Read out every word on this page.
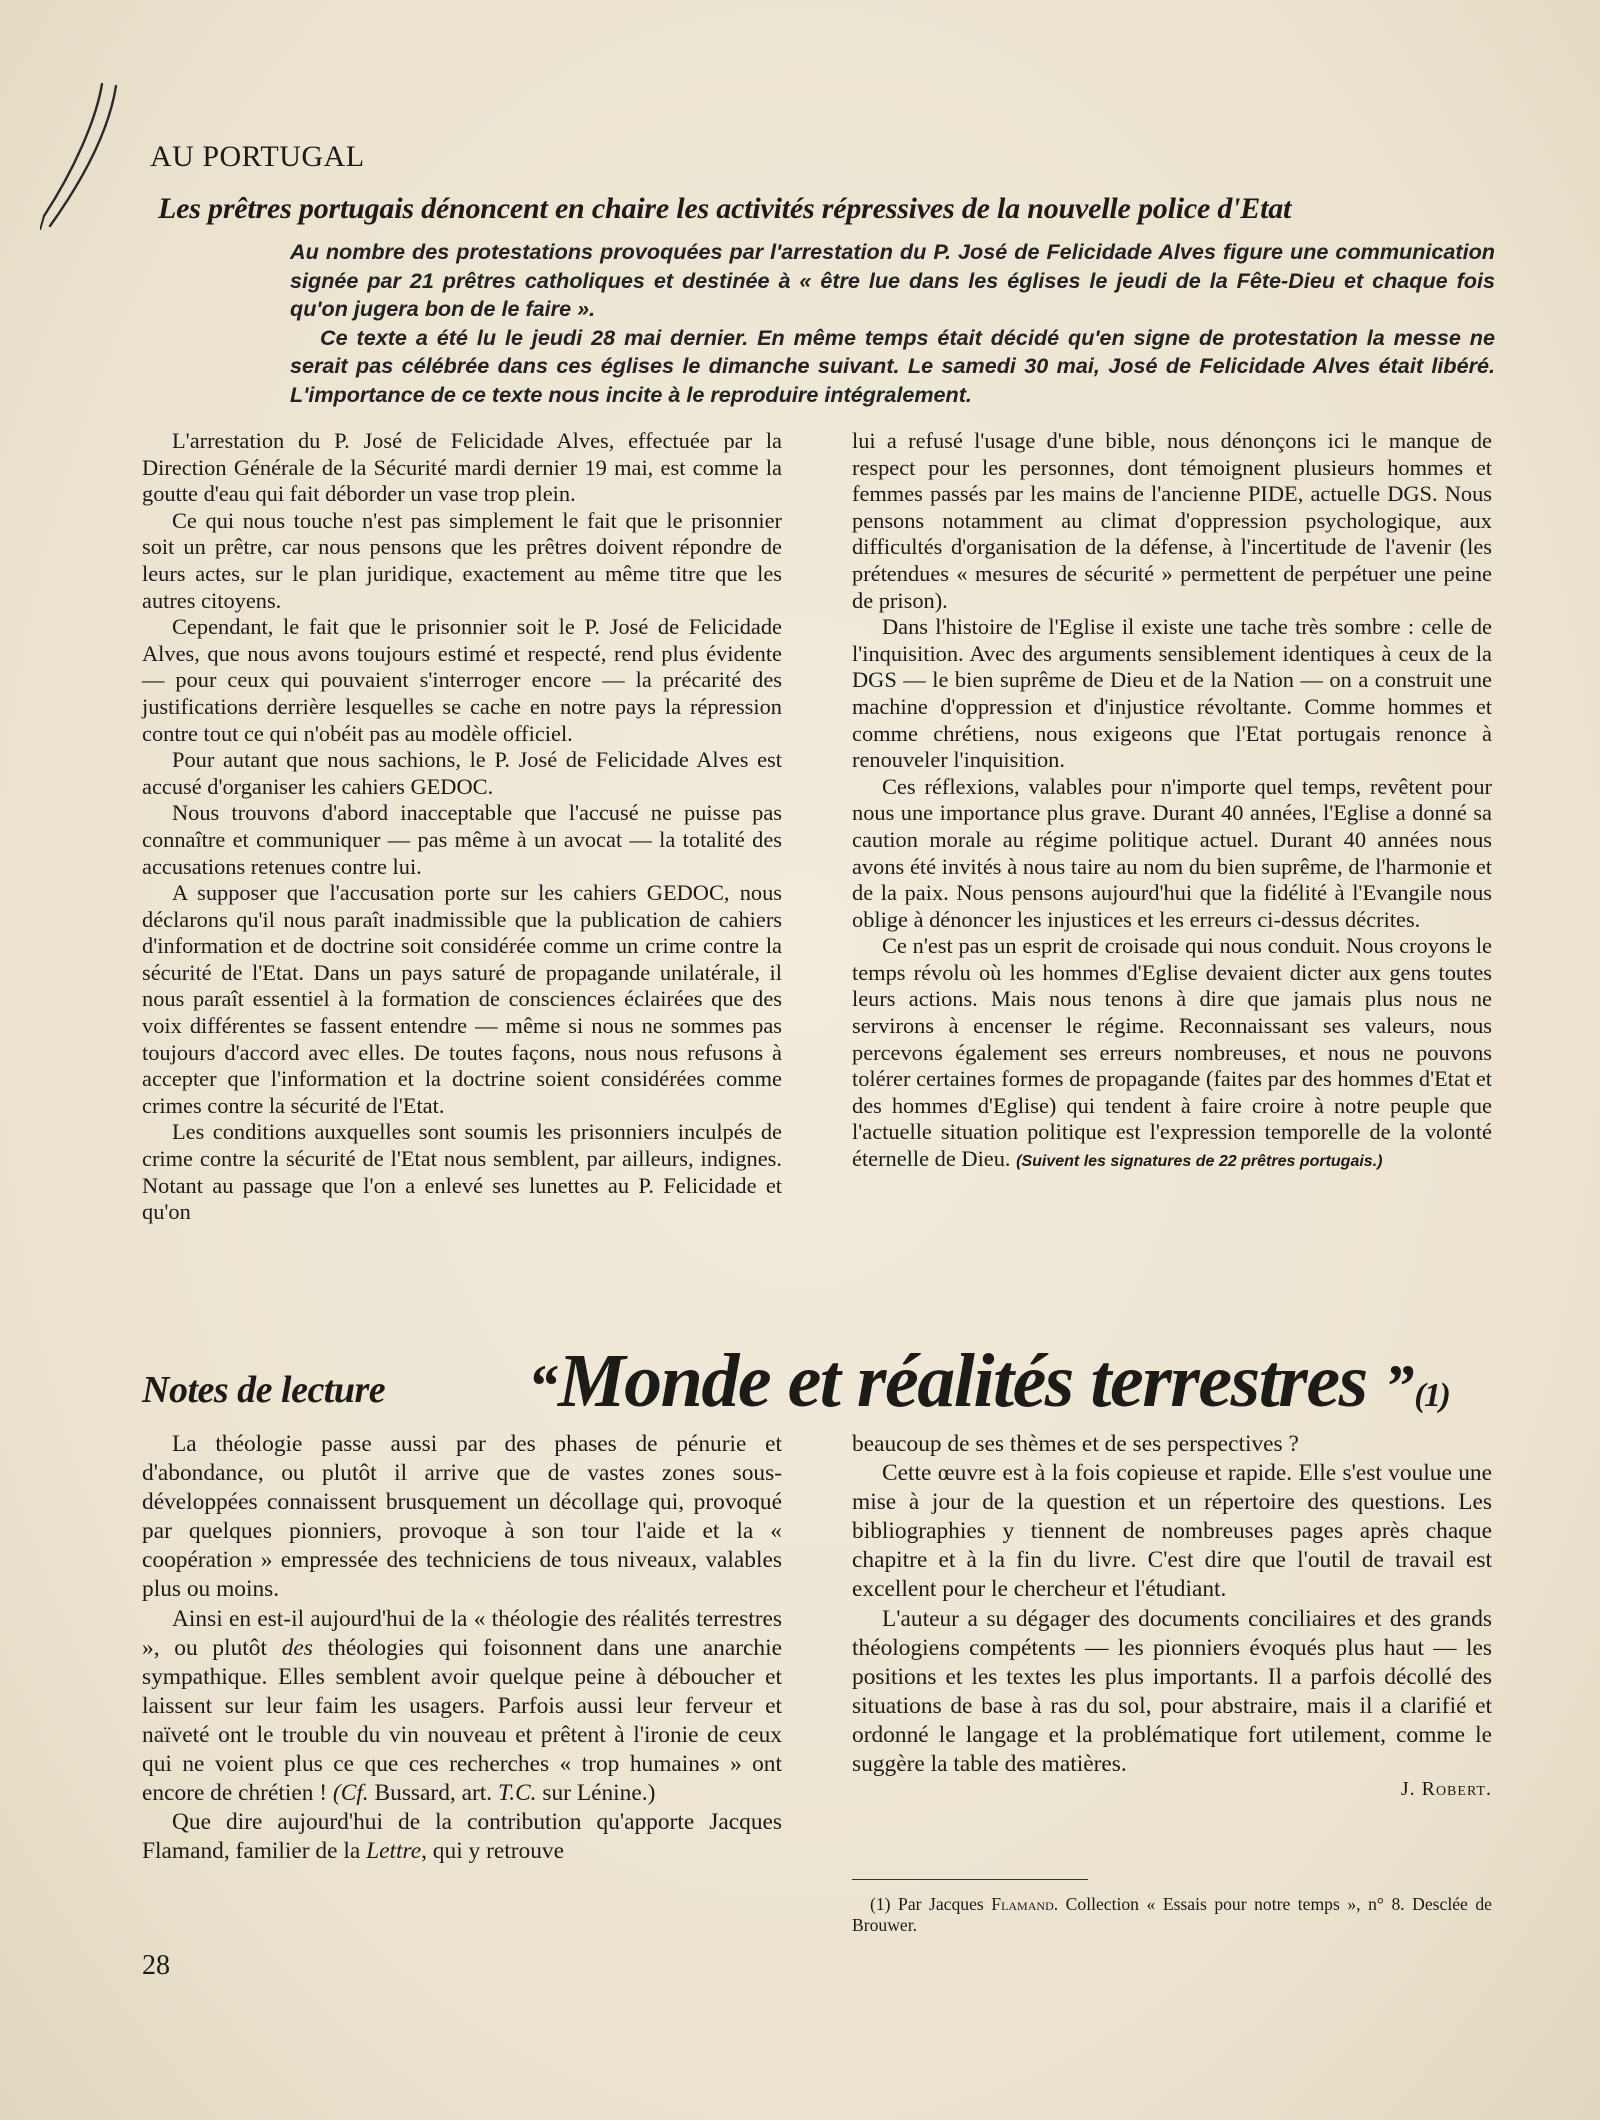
AU PORTUGAL
Les prêtres portugais dénoncent en chaire les activités répressives de la nouvelle police d'Etat

Au nombre des protestations provoquées par l'arrestation du P. José de Felicidade Alves figure une communication signée par 21 prêtres catholiques et destinée à « être lue dans les églises le jeudi de la Fête-Dieu et chaque fois qu'on jugera bon de le faire ».

Ce texte a été lu le jeudi 28 mai dernier. En même temps était décidé qu'en signe de protestation la messe ne serait pas célébrée dans ces églises le dimanche suivant. Le samedi 30 mai, José de Felicidade Alves était libéré. L'importance de ce texte nous incite à le reproduire intégralement.

L'arrestation du P. José de Felicidade Alves, effectuée par la Direction Générale de la Sécurité mardi dernier 19 mai, est comme la goutte d'eau qui fait déborder un vase trop plein.

Ce qui nous touche n'est pas simplement le fait que le prisonnier soit un prêtre, car nous pensons que les prêtres doivent répondre de leurs actes, sur le plan juridique, exactement au même titre que les autres citoyens.

Cependant, le fait que le prisonnier soit le P. José de Felicidade Alves, que nous avons toujours estimé et respecté, rend plus évidente — pour ceux qui pouvaient s'interroger encore — la précarité des justifications derrière lesquelles se cache en notre pays la répression contre tout ce qui n'obéit pas au modèle officiel.

Pour autant que nous sachions, le P. José de Felicidade Alves est accusé d'organiser les cahiers GEDOC.

Nous trouvons d'abord inacceptable que l'accusé ne puisse pas connaître et communiquer — pas même à un avocat — la totalité des accusations retenues contre lui.

A supposer que l'accusation porte sur les cahiers GEDOC, nous déclarons qu'il nous paraît inadmissible que la publication de cahiers d'information et de doctrine soit considérée comme un crime contre la sécurité de l'Etat. Dans un pays saturé de propagande unilatérale, il nous paraît essentiel à la formation de consciences éclairées que des voix différentes se fassent entendre — même si nous ne sommes pas toujours d'accord avec elles. De toutes façons, nous nous refusons à accepter que l'information et la doctrine soient considérées comme crimes contre la sécurité de l'Etat.

Les conditions auxquelles sont soumis les prisonniers inculpés de crime contre la sécurité de l'Etat nous semblent, par ailleurs, indignes. Notant au passage que l'on a enlevé ses lunettes au P. Felicidade et qu'on

lui a refusé l'usage d'une bible, nous dénonçons ici le manque de respect pour les personnes, dont témoignent plusieurs hommes et femmes passés par les mains de l'ancienne PIDE, actuelle DGS. Nous pensons notamment au climat d'oppression psychologique, aux difficultés d'organisation de la défense, à l'incertitude de l'avenir (les prétendues « mesures de sécurité » permettent de perpétuer une peine de prison).

Dans l'histoire de l'Eglise il existe une tache très sombre : celle de l'inquisition. Avec des arguments sensiblement identiques à ceux de la DGS — le bien suprême de Dieu et de la Nation — on a construit une machine d'oppression et d'injustice révoltante. Comme hommes et comme chrétiens, nous exigeons que l'Etat portugais renonce à renouveler l'inquisition.

Ces réflexions, valables pour n'importe quel temps, revêtent pour nous une importance plus grave. Durant 40 années, l'Eglise a donné sa caution morale au régime politique actuel. Durant 40 années nous avons été invités à nous taire au nom du bien suprême, de l'harmonie et de la paix. Nous pensons aujourd'hui que la fidélité à l'Evangile nous oblige à dénoncer les injustices et les erreurs ci-dessus décrites.

Ce n'est pas un esprit de croisade qui nous conduit. Nous croyons le temps révolu où les hommes d'Eglise devaient dicter aux gens toutes leurs actions. Mais nous tenons à dire que jamais plus nous ne servirons à encenser le régime. Reconnaissant ses valeurs, nous percevons également ses erreurs nombreuses, et nous ne pouvons tolérer certaines formes de propagande (faites par des hommes d'Etat et des hommes d'Eglise) qui tendent à faire croire à notre peuple que l'actuelle situation politique est l'expression temporelle de la volonté éternelle de Dieu. (Suivent les signatures de 22 prêtres portugais.)

Notes de lecture “Monde et réalités terrestres ”(1)

La théologie passe aussi par des phases de pénurie et d'abondance, ou plutôt il arrive que de vastes zones sous-développées connaissent brusquement un décollage qui, provoqué par quelques pionniers, provoque à son tour l'aide et la « coopération » empressée des techniciens de tous niveaux, valables plus ou moins.

Ainsi en est-il aujourd'hui de la « théologie des réalités terrestres », ou plutôt des théologies qui foisonnent dans une anarchie sympathique. Elles semblent avoir quelque peine à déboucher et laissent sur leur faim les usagers. Parfois aussi leur ferveur et naïveté ont le trouble du vin nouveau et prêtent à l'ironie de ceux qui ne voient plus ce que ces recherches « trop humaines » ont encore de chrétien ! (Cf. Bussard, art. T.C. sur Lénine.)

Que dire aujourd'hui de la contribution qu'apporte Jacques Flamand, familier de la Lettre, qui y retrouve

beaucoup de ses thèmes et de ses perspectives ?

Cette œuvre est à la fois copieuse et rapide. Elle s'est voulue une mise à jour de la question et un répertoire des questions. Les bibliographies y tiennent de nombreuses pages après chaque chapitre et à la fin du livre. C'est dire que l'outil de travail est excellent pour le chercheur et l'étudiant.

L'auteur a su dégager des documents conciliaires et des grands théologiens compétents — les pionniers évoqués plus haut — les positions et les textes les plus importants. Il a parfois décollé des situations de base à ras du sol, pour abstraire, mais il a clarifié et ordonné le langage et la problématique fort utilement, comme le suggère la table des matières.

J. Robert.

(1) Par Jacques Flamand. Collection « Essais pour notre temps », n° 8. Desclée de Brouwer.

28
